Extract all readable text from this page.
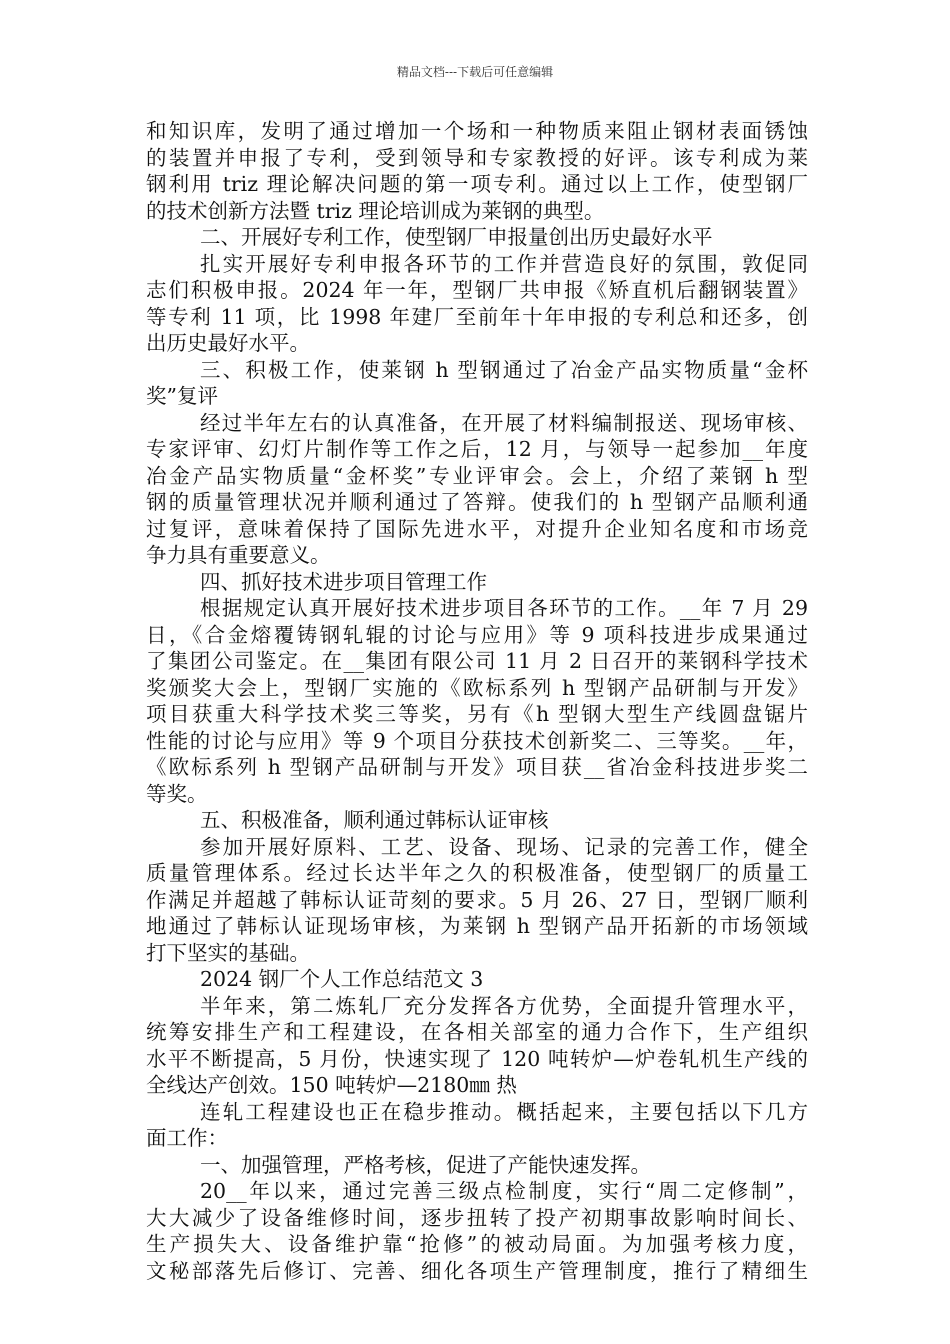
精品文档---下载后可任意编辑
和知识库，发明了通过增加一个场和一种物质来阻止钢材表面锈蚀
的装置并申报了专利，受到领导和专家教授的好评。该专利成为莱
钢利用 triz 理论解决问题的第一项专利。通过以上工作，使型钢厂
的技术创新方法暨 triz 理论培训成为莱钢的典型。
二、开展好专利工作，使型钢厂申报量创出历史最好水平
扎实开展好专利申报各环节的工作并营造良好的氛围，敦促同
志们积极申报。2024 年一年，型钢厂共申报《矫直机后翻钢装置》
等专利 11 项，比 1998 年建厂至前年十年申报的专利总和还多，创
出历史最好水平。
三、积极工作，使莱钢 h 型钢通过了冶金产品实物质量“金杯
奖”复评
经过半年左右的认真准备，在开展了材料编制报送、现场审核、
专家评审、幻灯片制作等工作之后，12 月，与领导一起参加__年度
冶金产品实物质量“金杯奖”专业评审会。会上，介绍了莱钢 h 型
钢的质量管理状况并顺利通过了答辩。使我们的 h 型钢产品顺利通
过复评，意味着保持了国际先进水平，对提升企业知名度和市场竞
争力具有重要意义。
四、抓好技术进步项目管理工作
根据规定认真开展好技术进步项目各环节的工作。__年 7 月 29
日，《合金熔覆铸钢轧辊的讨论与应用》等 9 项科技进步成果通过
了集团公司鉴定。在__集团有限公司 11 月 2 日召开的莱钢科学技术
奖颁奖大会上，型钢厂实施的《欧标系列 h 型钢产品研制与开发》
项目获重大科学技术奖三等奖，另有《h 型钢大型生产线圆盘锯片
性能的讨论与应用》等 9 个项目分获技术创新奖二、三等奖。__年，
《欧标系列 h 型钢产品研制与开发》项目获__省冶金科技进步奖二
等奖。
五、积极准备，顺利通过韩标认证审核
参加开展好原料、工艺、设备、现场、记录的完善工作，健全
质量管理体系。经过长达半年之久的积极准备，使型钢厂的质量工
作满足并超越了韩标认证苛刻的要求。5 月 26、27 日，型钢厂顺利
地通过了韩标认证现场审核，为莱钢 h 型钢产品开拓新的市场领域
打下坚实的基础。
2024 钢厂个人工作总结范文 3
半年来，第二炼轧厂充分发挥各方优势，全面提升管理水平，
统筹安排生产和工程建设，在各相关部室的通力合作下，生产组织
水平不断提高，5 月份，快速实现了 120 吨转炉—炉卷轧机生产线的
全线达产创效。150 吨转炉—2180㎜ 热
连轧工程建设也正在稳步推动。概括起来，主要包括以下几方
面工作：
一、加强管理，严格考核，促进了产能快速发挥。
20__年以来，通过完善三级点检制度，实行“周二定修制”，
大大减少了设备维修时间，逐步扭转了投产初期事故影响时间长、
生产损失大、设备维护靠“抢修”的被动局面。为加强考核力度，
文秘部落先后修订、完善、细化各项生产管理制度，推行了精细生
